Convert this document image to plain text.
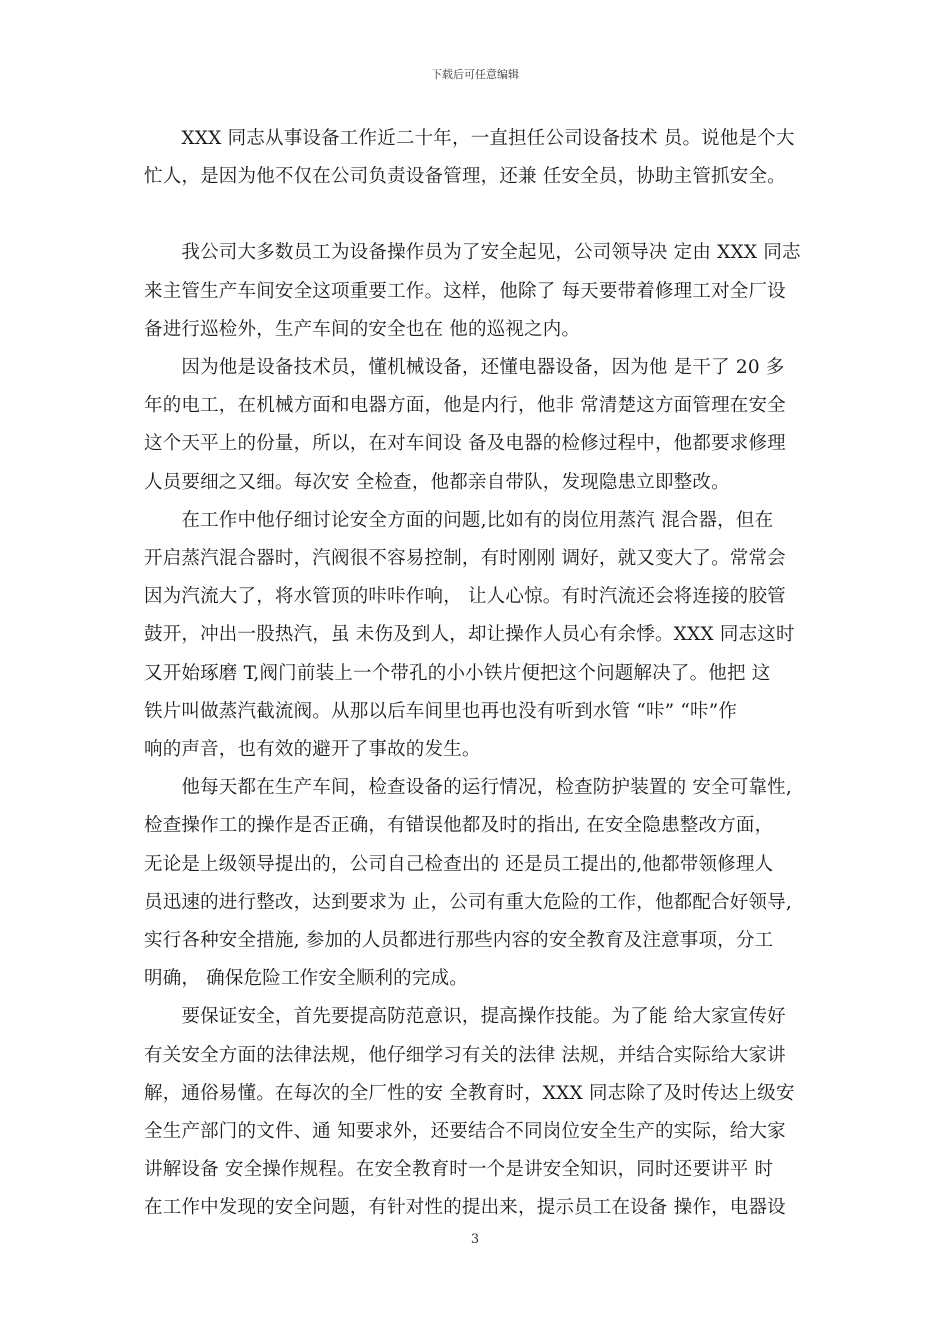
下载后可任意编辑
　　XXX 同志从事设备工作近二十年，一直担任公司设备技术 员。说他是个大
忙人，是因为他不仅在公司负责设备管理，还兼 任安全员，协助主管抓安全。
　　我公司大多数员工为设备操作员为了安全起见，公司领导决 定由 XXX 同志
来主管生产车间安全这项重要工作。这样，他除了 每天要带着修理工对全厂设
备进行巡检外，生产车间的安全也在 他的巡视之内。
　　因为他是设备技术员，懂机械设备，还懂电器设备，因为他 是干了 20 多
年的电工，在机械方面和电器方面，他是内行，他非 常清楚这方面管理在安全
这个天平上的份量，所以，在对车间设 备及电器的检修过程中，他都要求修理
人员要细之又细。每次安 全检查，他都亲自带队，发现隐患立即整改。
　　在工作中他仔细讨论安全方面的问题,比如有的岗位用蒸汽 混合器，但在
开启蒸汽混合器时，汽阀很不容易控制，有时刚刚 调好，就又变大了。常常会
因为汽流大了，将水管顶的咔咔作响， 让人心惊。有时汽流还会将连接的胶管
鼓开，冲出一股热汽，虽 未伤及到人，却让操作人员心有余悸。XXX 同志这时
又开始琢磨 T,阀门前装上一个带孔的小小铁片便把这个问题解决了。他把 这
铁片叫做蒸汽截流阀。从那以后车间里也再也没有听到水管 “咔” “咔”作
响的声音，也有效的避开了事故的发生。
　　他每天都在生产车间，检查设备的运行情况，检查防护装置的 安全可靠性,
检查操作工的操作是否正确，有错误他都及时的指出, 在安全隐患整改方面，
无论是上级领导提出的，公司自己检查出的 还是员工提出的,他都带领修理人
员迅速的进行整改，达到要求为 止，公司有重大危险的工作，他都配合好领导,
实行各种安全措施, 参加的人员都进行那些内容的安全教育及注意事项，分工
明确， 确保危险工作安全顺利的完成。
　　要保证安全，首先要提高防范意识，提高操作技能。为了能 给大家宣传好
有关安全方面的法律法规，他仔细学习有关的法律 法规，并结合实际给大家讲
解，通俗易懂。在每次的全厂性的安 全教育时，XXX 同志除了及时传达上级安
全生产部门的文件、通 知要求外，还要结合不同岗位安全生产的实际，给大家
讲解设备 安全操作规程。在安全教育时一个是讲安全知识，同时还要讲平 时
在工作中发现的安全问题，有针对性的提出来，提示员工在设备 操作，电器设
3
